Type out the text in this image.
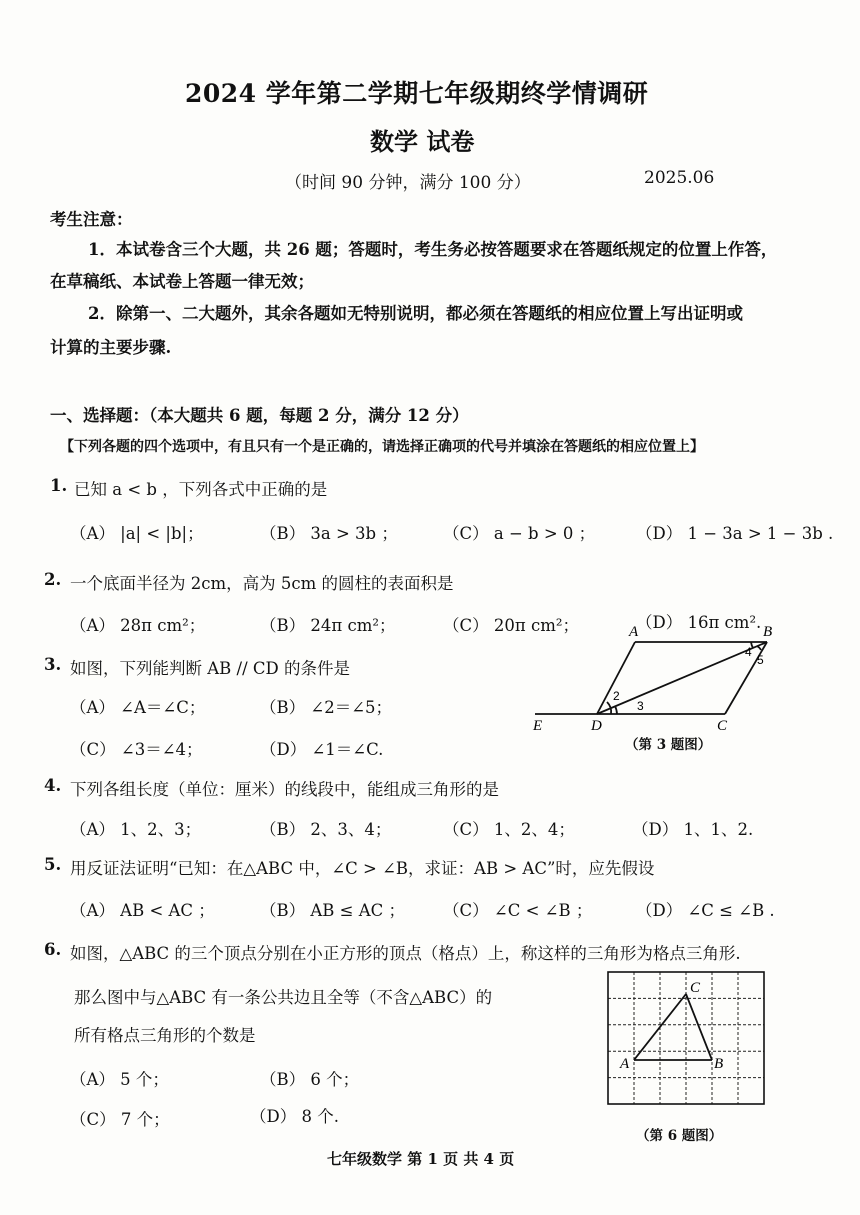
2024 学年第二学期七年级期终学情调研
数学 试卷
（时间 90 分钟，满分 100 分）	2025.06
考生注意：
1．本试卷含三个大题，共 26 题；答题时，考生务必按答题要求在答题纸规定的位置上作答，
在草稿纸、本试卷上答题一律无效；
2．除第一、二大题外，其余各题如无特别说明，都必须在答题纸的相应位置上写出证明或
计算的主要步骤.
一、选择题：（本大题共 6 题，每题 2 分，满分 12 分）
【下列各题的四个选项中，有且只有一个是正确的，请选择正确项的代号并填涂在答题纸的相应位置上】
1. 已知 a < b ，下列各式中正确的是
（A） |a| < |b|；	（B） 3a > 3b ；	（C） a − b > 0 ； （D） 1 − 3a > 1 − 3b .
2. 一个底面半径为 2cm，高为 5cm 的圆柱的表面积是
（A） 28π cm²；	（B） 24π cm²；	（C） 20π cm²；	（D） 16π cm².
3. 如图，下列能判断 AB // CD 的条件是
（A） ∠A＝∠C；	（B） ∠2＝∠5；
（C） ∠3＝∠4；	（D） ∠1＝∠C.
A	B
C
D
E
2
3
4
5
（第 3 题图）
4. 下列各组长度（单位：厘米）的线段中，能组成三角形的是
（A） 1、2、3；	（B） 2、3、4；	（C） 1、2、4；	（D） 1、1、2.
5. 用反证法证明“已知：在△ABC 中，∠C > ∠B，求证：AB > AC”时，应先假设
（A） AB < AC ；	（B） AB ≤ AC ； （C） ∠C < ∠B ；	（D） ∠C ≤ ∠B .
6. 如图，△ABC 的三个顶点分别在小正方形的顶点（格点）上，称这样的三角形为格点三角形.
那么图中与△ABC 有一条公共边且全等（不含△ABC）的
所有格点三角形的个数是
（A） 5 个；	（B） 6 个；
（C） 7 个；	（D） 8 个.
A	B
C
（第 6 题图）
七年级数学 第 1 页 共 4 页
